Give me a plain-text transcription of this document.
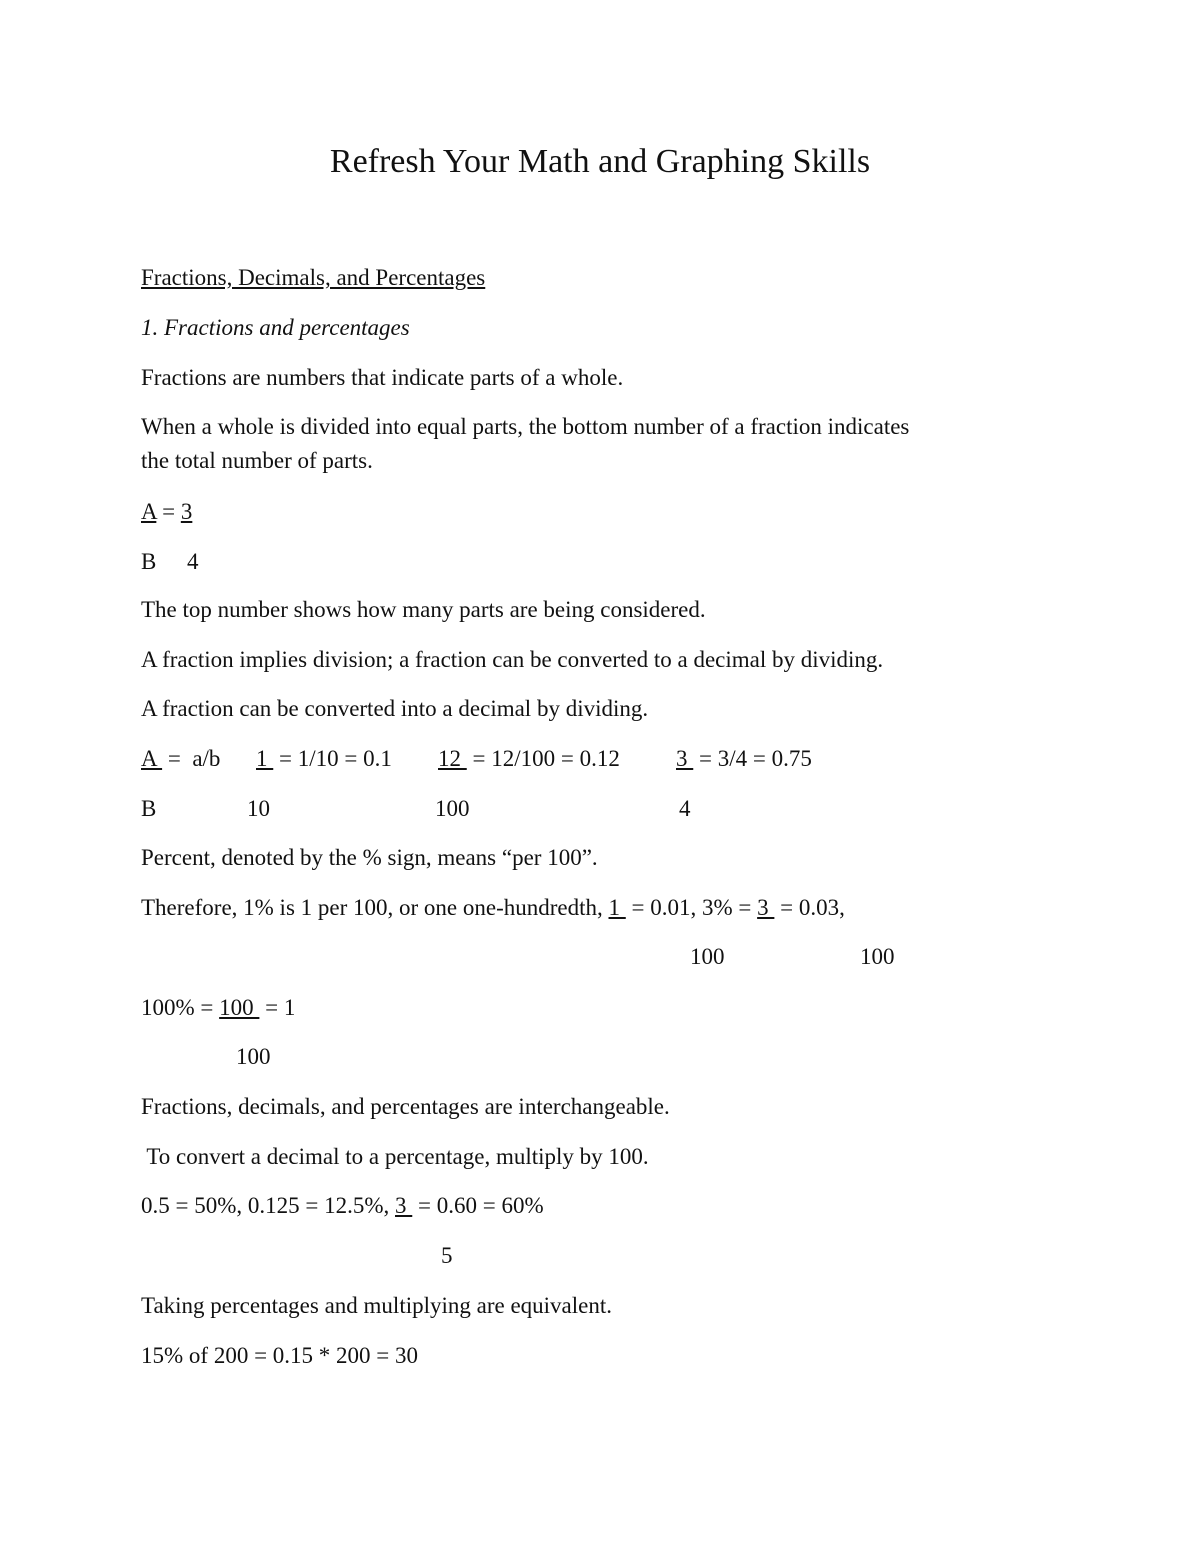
Refresh Your Math and Graphing Skills

Fractions, Decimals, and Percentages

1. Fractions and percentages

Fractions are numbers that indicate parts of a whole.

When a whole is divided into equal parts, the bottom number of a fraction indicates

the total number of parts.

A = 3

B 4

The top number shows how many parts are being considered.

A fraction implies division; a fraction can be converted to a decimal by dividing.

A fraction can be converted into a decimal by dividing.

A  =  a/b 1  = 1/10 = 0.1 12  = 12/100 = 0.12 3  = 3/4 = 0.75

B	10	100	4

Percent, denoted by the % sign, means “per 100”.

Therefore, 1% is 1 per 100, or one one-hundredth, 1  = 0.01, 3% = 3  = 0.03,

100	100

100% = 100  = 1

100

Fractions, decimals, and percentages are interchangeable.

To convert a decimal to a percentage, multiply by 100.

0.5 = 50%, 0.125 = 12.5%, 3  = 0.60 = 60%

5

Taking percentages and multiplying are equivalent.

15% of 200 = 0.15 * 200 = 30
